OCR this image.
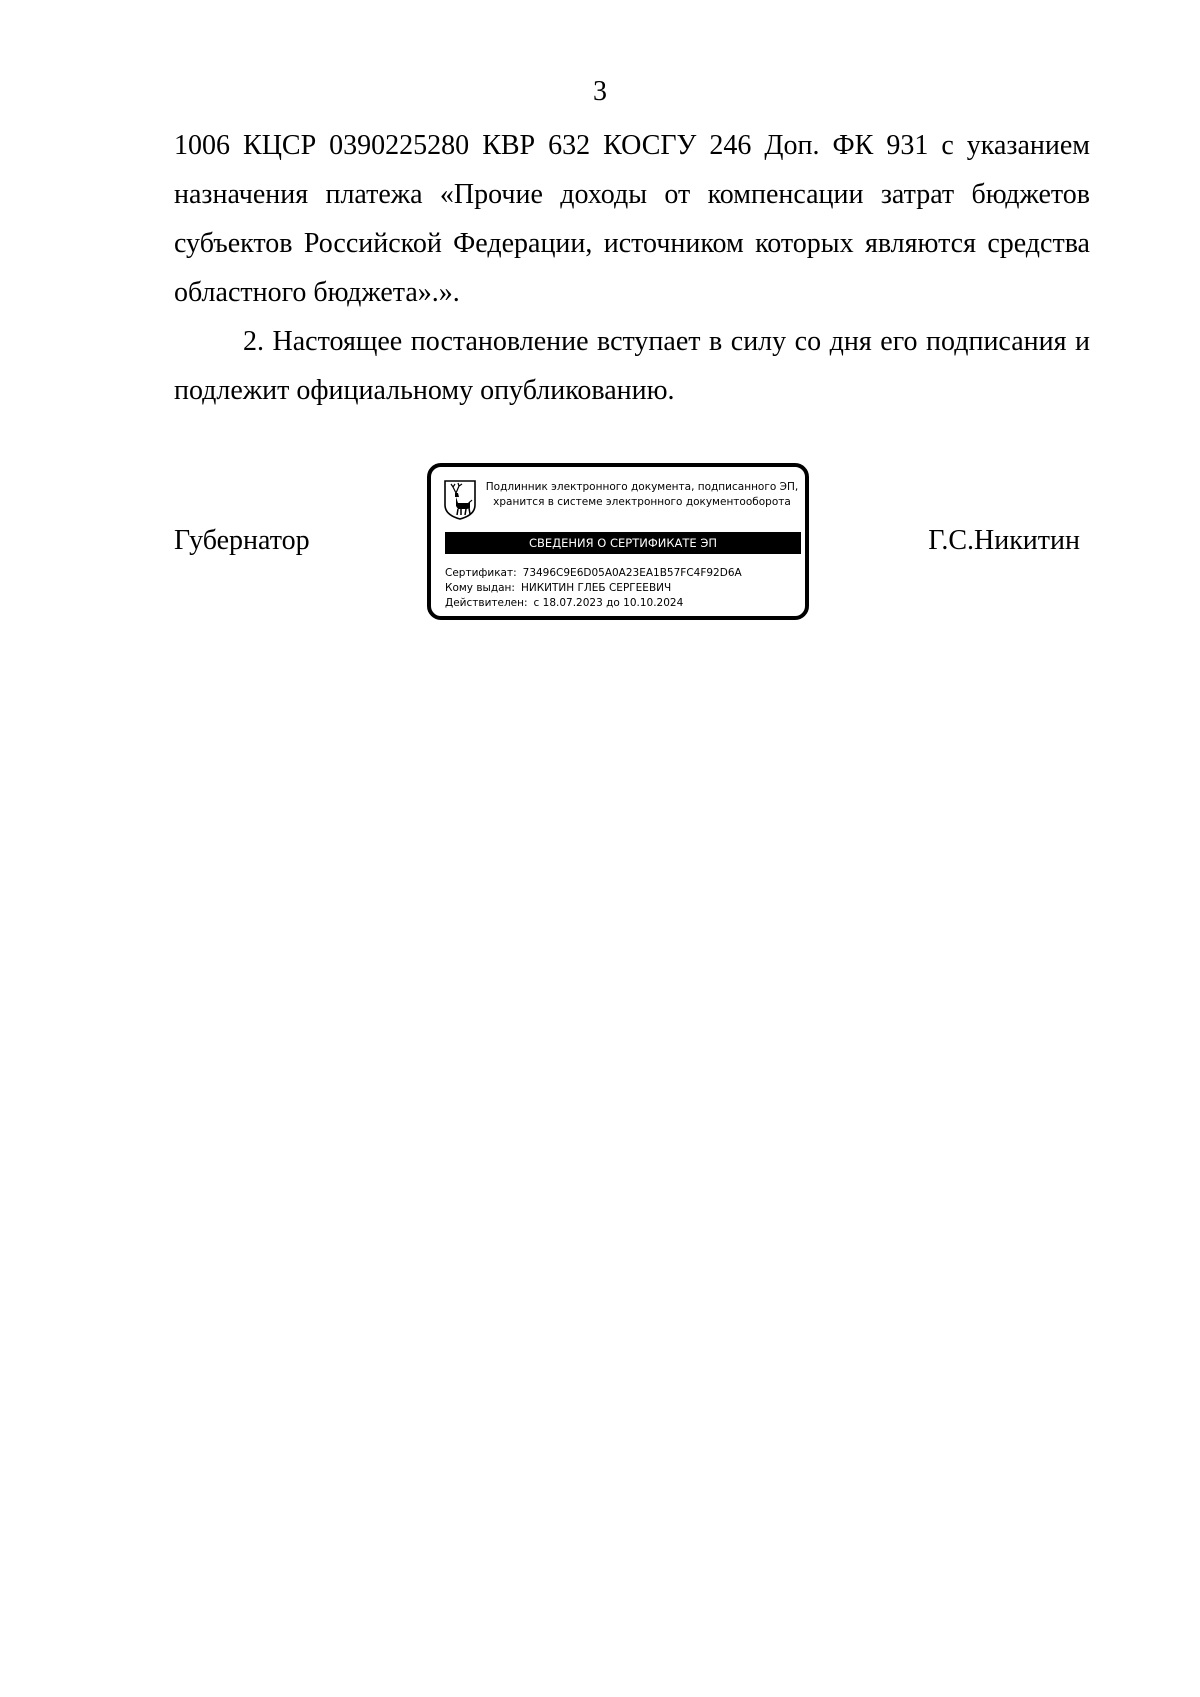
3

1006 КЦСР 0390225280 КВР 632 КОСГУ 246 Доп. ФК 931 с указанием назначения платежа «Прочие доходы от компенсации затрат бюджетов субъектов Российской Федерации, источником которых являются средства областного бюджета».».

2. Настоящее постановление вступает в силу со дня его подписания и подлежит официальному опубликованию.

Губернатор
Подлинник электронного документа, подписанного ЭП,
хранится в системе электронного документооборота
СВЕДЕНИЯ О СЕРТИФИКАТЕ ЭП
Сертификат: 73496C9E6D05A0A23EA1B57FC4F92D6A
Кому выдан: НИКИТИН ГЛЕБ СЕРГЕЕВИЧ
Действителен: с 18.07.2023 до 10.10.2024
Г.С.Никитин
